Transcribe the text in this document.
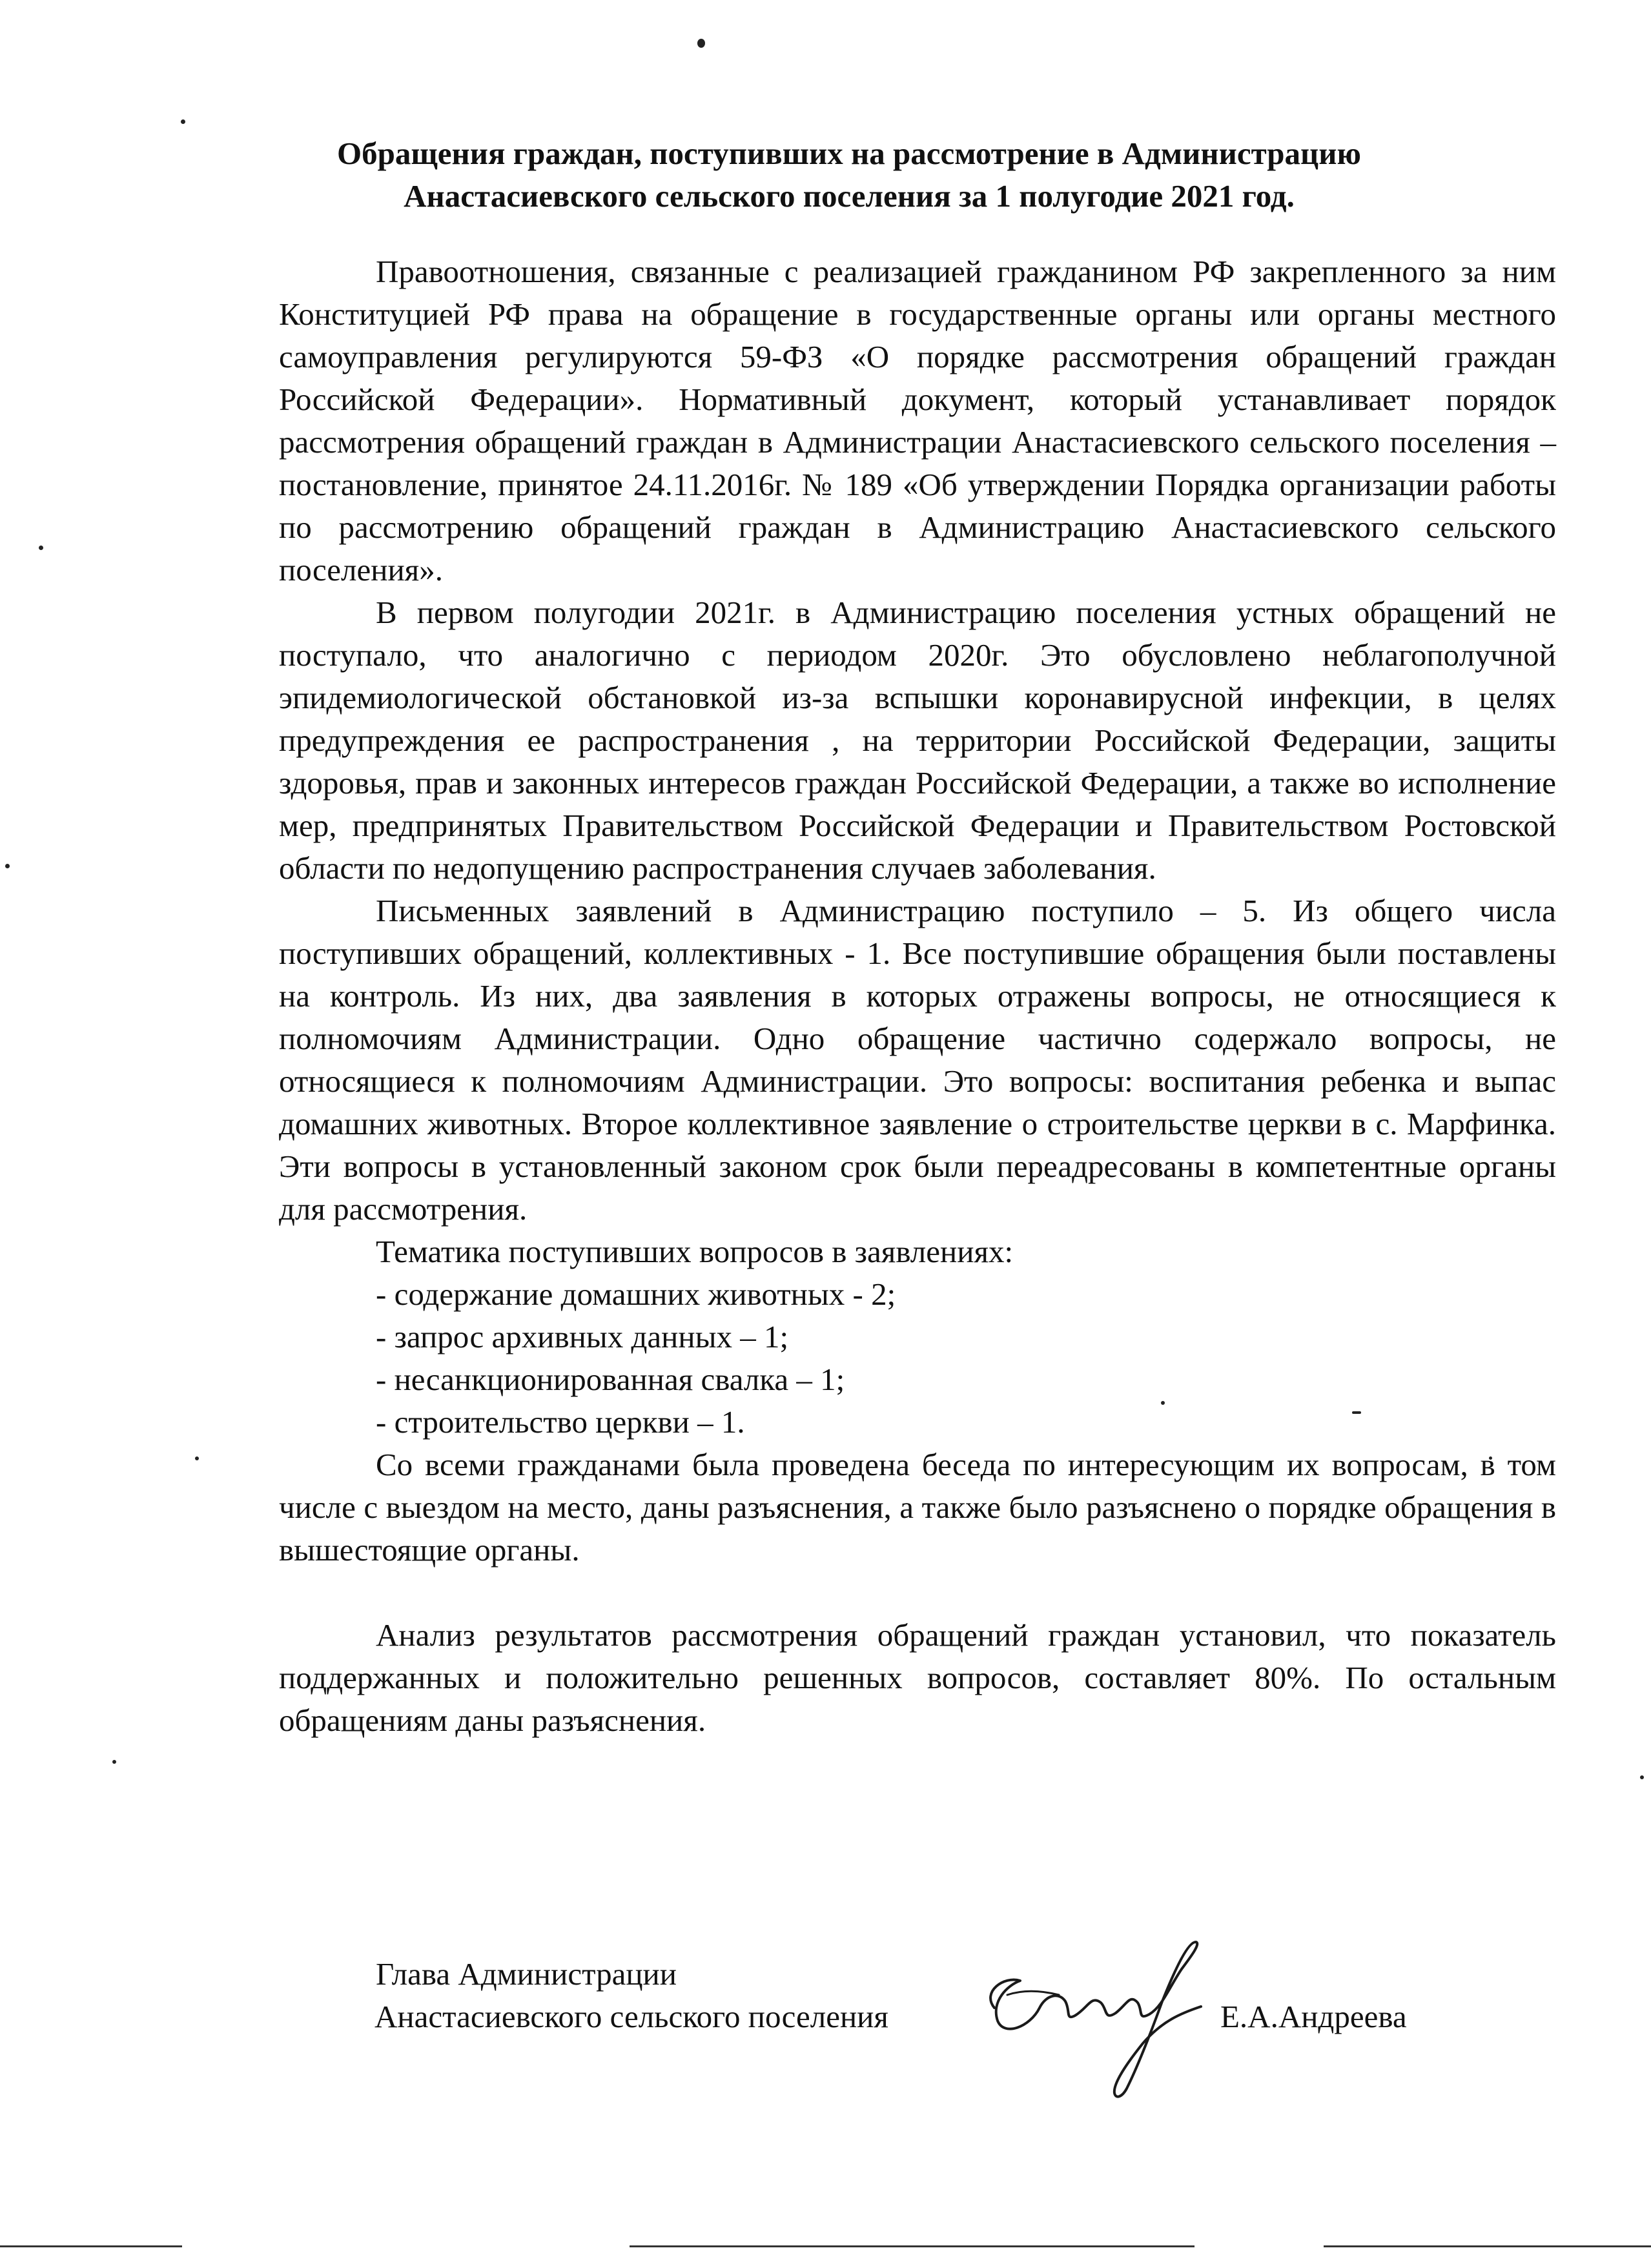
Обращения граждан, поступивших на рассмотрение в Администрацию
Анастасиевского сельского поселения за 1 полугодие 2021 год.

Правоотношения, связанные с реализацией гражданином РФ закрепленного за ним Конституцией РФ права на обращение в государственные органы или органы местного самоуправления регулируются 59-ФЗ «О порядке рассмотрения обращений граждан Российской Федерации». Нормативный документ, который устанавливает порядок рассмотрения обращений граждан в Администрации Анастасиевского сельского поселения – постановление, принятое 24.11.2016г. № 189 «Об утверждении Порядка организации работы по рассмотрению обращений граждан в Администрацию Анастасиевского сельского поселения».

В первом полугодии 2021г. в Администрацию поселения устных обращений не поступало, что аналогично с периодом 2020г. Это обусловлено неблагополучной эпидемиологической обстановкой из-за вспышки коронавирусной инфекции, в целях предупреждения ее распространения , на территории Российской Федерации, защиты здоровья, прав и законных интересов граждан Российской Федерации, а также во исполнение мер, предпринятых Правительством Российской Федерации и Правительством Ростовской области по недопущению распространения случаев заболевания.

Письменных заявлений в Администрацию поступило – 5. Из общего числа поступивших обращений, коллективных - 1. Все поступившие обращения были поставлены на контроль. Из них, два заявления в которых отражены вопросы, не относящиеся к полномочиям Администрации. Одно обращение частично содержало вопросы, не относящиеся к полномочиям Администрации. Это вопросы: воспитания ребенка и выпас домашних животных. Второе коллективное заявление о строительстве церкви в с. Марфинка. Эти вопросы в установленный законом срок были переадресованы в компетентные органы для рассмотрения.

Тематика поступивших вопросов в заявлениях:

- содержание домашних животных - 2;

- запрос архивных данных – 1;

- несанкционированная свалка – 1;

- строительство церкви – 1.

Со всеми гражданами была проведена беседа по интересующим их вопросам, в том числе с выездом на место, даны разъяснения, а также было разъяснено о порядке обращения в вышестоящие органы.

Анализ результатов рассмотрения обращений граждан установил, что показатель поддержанных и положительно решенных вопросов, составляет 80%. По остальным обращениям даны разъяснения.

Глава Администрации
Анастасиевского сельского поселения	Е.А.Андреева
